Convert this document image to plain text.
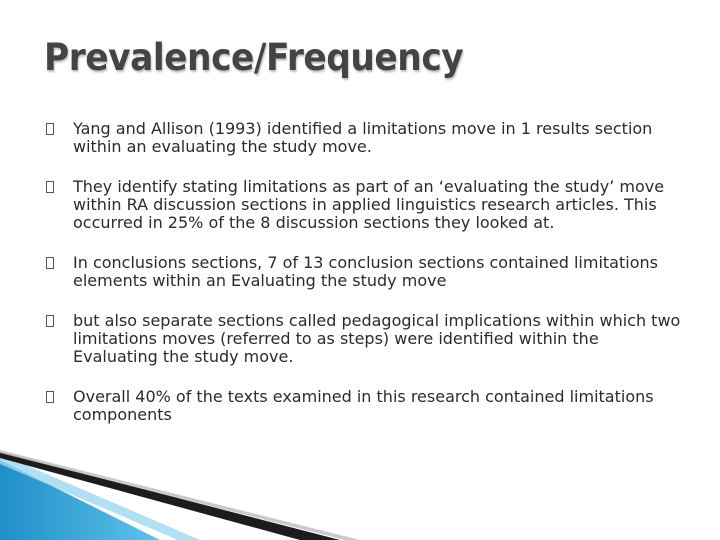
Prevalence/Frequency
Yang and Allison (1993) identified a limitations move in 1 results section within an evaluating the study move.
They identify stating limitations as part of an ‘evaluating the study’ move within RA discussion sections in applied linguistics research articles. This occurred in 25% of the 8 discussion sections they looked at.
In conclusions sections, 7 of 13 conclusion sections contained limitations elements within an Evaluating the study move
but also separate sections called pedagogical implications within which two limitations moves (referred to as steps) were identified within the Evaluating the study move.
Overall 40% of the texts examined in this research contained limitations components
